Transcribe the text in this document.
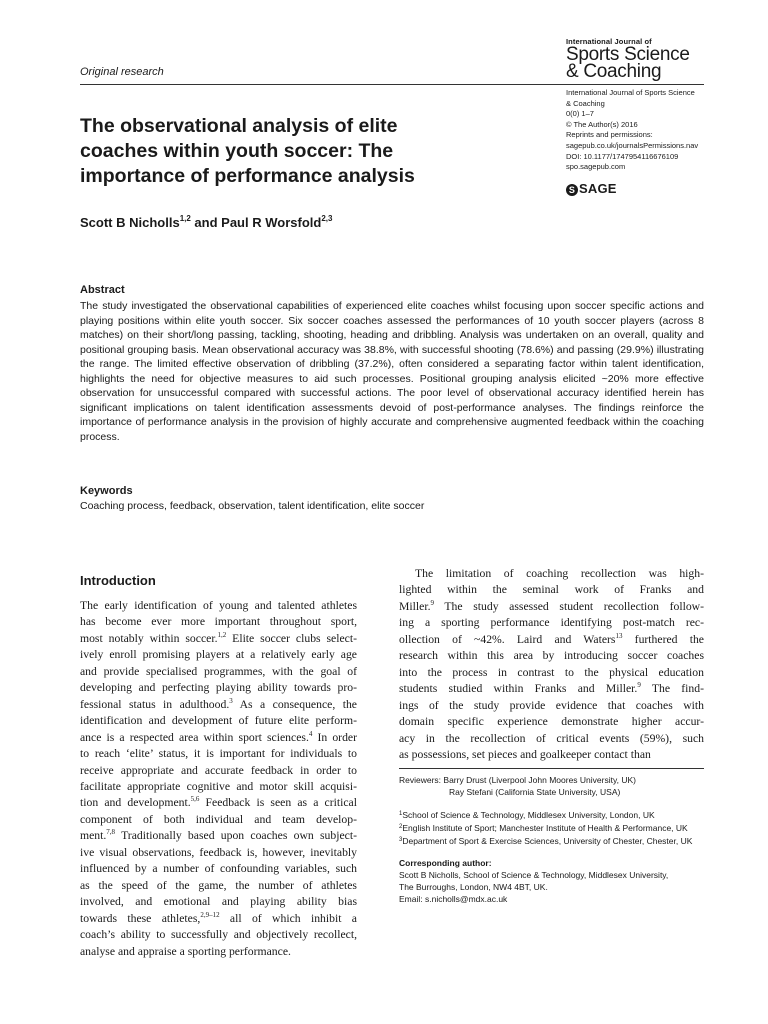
Original research
International Journal of
Sports Science
& Coaching
International Journal of Sports Science
& Coaching
0(0) 1–7
© The Author(s) 2016
Reprints and permissions:
sagepub.co.uk/journalsPermissions.nav
DOI: 10.1177/1747954116676109
spo.sagepub.com
S SAGE
The observational analysis of elite
coaches within youth soccer: The
importance of performance analysis
Scott B Nicholls$^{1,2}$ and Paul R Worsfold$^{2,3}$
Abstract
The study investigated the observational capabilities of experienced elite coaches whilst focusing upon soccer specific actions and playing positions within elite youth soccer. Six soccer coaches assessed the performances of 10 youth soccer players (across 8 matches) on their short/long passing, tackling, shooting, heading and dribbling. Analysis was undertaken on an overall, quality and positional grouping basis. Mean observational accuracy was 38.8%, with successful shooting (78.6%) and passing (29.9%) illustrating the range. The limited effective observation of dribbling (37.2%), often considered a separating factor within talent identification, highlights the need for objective measures to aid such processes. Positional grouping analysis elicited ~20% more effective observation for unsuccessful compared with successful actions. The poor level of observational accuracy identified herein has significant implications on talent identification assessments devoid of post-performance analyses. The findings reinforce the importance of performance analysis in the provision of highly accurate and comprehensive augmented feedback within the coaching process.
Keywords
Coaching process, feedback, observation, talent identification, elite soccer
Introduction
The early identification of young and talented athletes
has become ever more important throughout sport,
most notably within soccer.$^{1,2}$ Elite soccer clubs select-
ively enroll promising players at a relatively early age
and provide specialised programmes, with the goal of
developing and perfecting playing ability towards pro-
fessional status in adulthood.$^3$ As a consequence, the
identification and development of future elite perform-
ance is a respected area within sport sciences.$^4$ In order
to reach ‘elite’ status, it is important for individuals to
receive appropriate and accurate feedback in order to
facilitate appropriate cognitive and motor skill acquisi-
tion and development.$^{5,6}$ Feedback is seen as a critical
component of both individual and team develop-
ment.$^{7,8}$ Traditionally based upon coaches own subject-
ive visual observations, feedback is, however, inevitably
influenced by a number of confounding variables, such
as the speed of the game, the number of athletes
involved, and emotional and playing ability bias
towards these athletes,$^{2,9-12}$ all of which inhibit a
coach’s ability to successfully and objectively recollect,
analyse and appraise a sporting performance.
The limitation of coaching recollection was high-
lighted within the seminal work of Franks and
Miller.$^9$ The study assessed student recollection follow-
ing a sporting performance identifying post-match rec-
ollection of ~42%. Laird and Waters$^{13}$ furthered the
research within this area by introducing soccer coaches
into the process in contrast to the physical education
students studied within Franks and Miller.$^9$ The find-
ings of the study provide evidence that coaches with
domain specific experience demonstrate higher accur-
acy in the recollection of critical events (59%), such
as possessions, set pieces and goalkeeper contact than
Reviewers: Barry Drust (Liverpool John Moores University, UK)
Ray Stefani (California State University, USA)
$^1$School of Science & Technology, Middlesex University, London, UK
$^2$English Institute of Sport; Manchester Institute of Health & Performance, UK
$^3$Department of Sport & Exercise Sciences, University of Chester, Chester, UK
Corresponding author:
Scott B Nicholls, School of Science & Technology, Middlesex University,
The Burroughs, London, NW4 4BT, UK.
Email: s.nicholls@mdx.ac.uk
